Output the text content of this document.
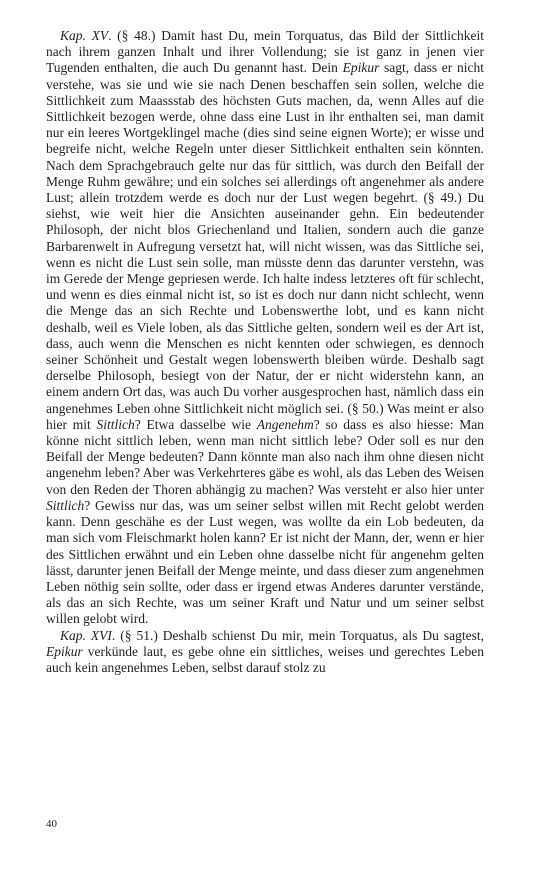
Kap. XV. (§ 48.) Damit hast Du, mein Torquatus, das Bild der Sittlichkeit nach ihrem ganzen Inhalt und ihrer Vollendung; sie ist ganz in jenen vier Tugenden enthalten, die auch Du genannt hast. Dein Epikur sagt, dass er nicht verstehe, was sie und wie sie nach Denen beschaffen sein sollen, welche die Sittlichkeit zum Maassstab des höchsten Guts machen, da, wenn Alles auf die Sittlichkeit bezogen werde, ohne dass eine Lust in ihr enthalten sei, man damit nur ein leeres Wortgeklingel mache (dies sind seine eignen Worte); er wisse und begreife nicht, welche Regeln unter dieser Sittlichkeit enthalten sein könnten. Nach dem Sprachgebrauch gelte nur das für sittlich, was durch den Beifall der Menge Ruhm gewähre; und ein solches sei allerdings oft angenehmer als andere Lust; allein trotzdem werde es doch nur der Lust wegen begehrt. (§ 49.) Du siehst, wie weit hier die Ansichten auseinander gehn. Ein bedeutender Philosoph, der nicht blos Griechenland und Italien, sondern auch die ganze Barbarenwelt in Aufregung versetzt hat, will nicht wissen, was das Sittliche sei, wenn es nicht die Lust sein solle, man müsste denn das darunter verstehn, was im Gerede der Menge gepriesen werde. Ich halte indess letzteres oft für schlecht, und wenn es dies einmal nicht ist, so ist es doch nur dann nicht schlecht, wenn die Menge das an sich Rechte und Lobenswerthe lobt, und es kann nicht deshalb, weil es Viele loben, als das Sittliche gelten, sondern weil es der Art ist, dass, auch wenn die Menschen es nicht kennten oder schwiegen, es dennoch seiner Schönheit und Gestalt wegen lobenswerth bleiben würde. Deshalb sagt derselbe Philosoph, besiegt von der Natur, der er nicht widerstehn kann, an einem andern Ort das, was auch Du vorher ausgesprochen hast, nämlich dass ein angenehmes Leben ohne Sittlichkeit nicht möglich sei. (§ 50.) Was meint er also hier mit Sittlich? Etwa dasselbe wie Angenehm? so dass es also hiesse: Man könne nicht sittlich leben, wenn man nicht sittlich lebe? Oder soll es nur den Beifall der Menge bedeuten? Dann könnte man also nach ihm ohne diesen nicht angenehm leben? Aber was Verkehrteres gäbe es wohl, als das Leben des Weisen von den Reden der Thoren abhängig zu machen? Was versteht er also hier unter Sittlich? Gewiss nur das, was um seiner selbst willen mit Recht gelobt werden kann. Denn geschähe es der Lust wegen, was wollte da ein Lob bedeuten, da man sich vom Fleischmarkt holen kann? Er ist nicht der Mann, der, wenn er hier des Sittlichen erwähnt und ein Leben ohne dasselbe nicht für angenehm gelten lässt, darunter jenen Beifall der Menge meinte, und dass dieser zum angenehmen Leben nöthig sein sollte, oder dass er irgend etwas Anderes darunter verstände, als das an sich Rechte, was um seiner Kraft und Natur und um seiner selbst willen gelobt wird.

Kap. XVI. (§ 51.) Deshalb schienst Du mir, mein Torquatus, als Du sagtest, Epikur verkünde laut, es gebe ohne ein sittliches, weises und gerechtes Leben auch kein angenehmes Leben, selbst darauf stolz zu

40
